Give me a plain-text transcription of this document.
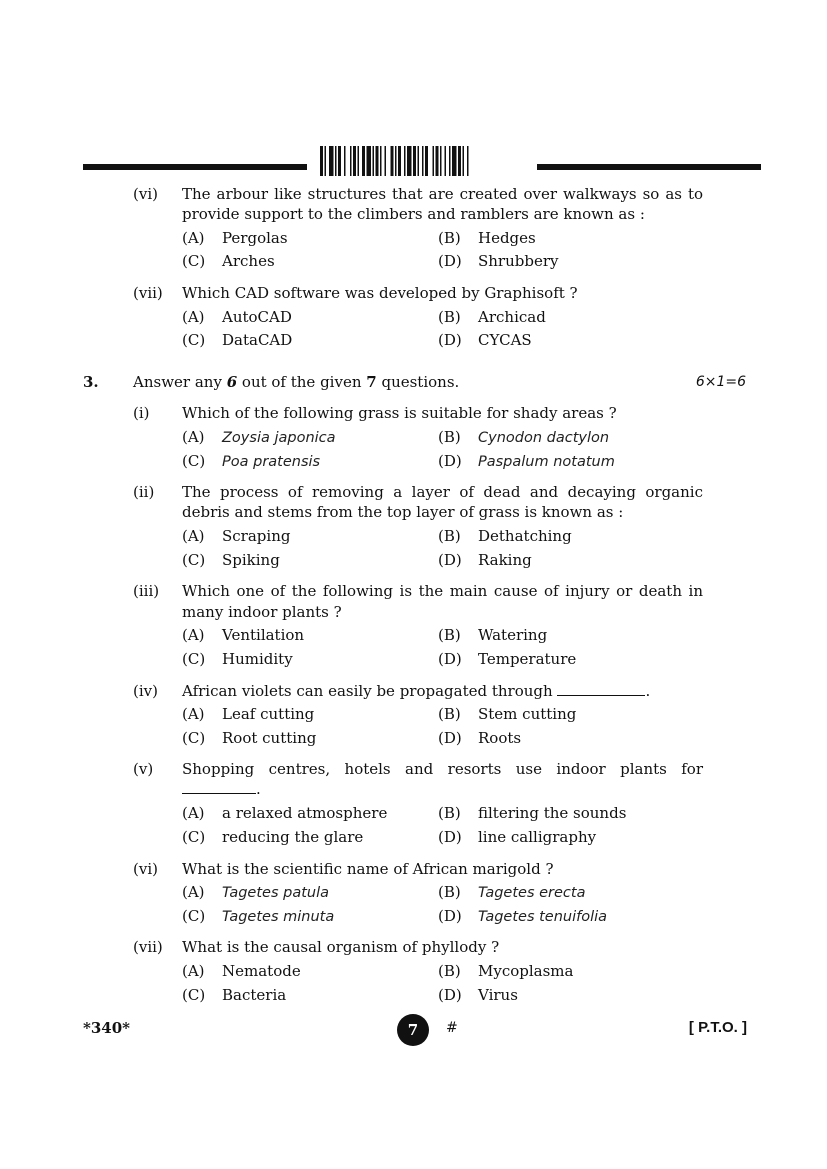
(vi) The arbour like structures that are created over walkways so as to
provide support to the climbers and ramblers are known as :
(A) Pergolas	(B) Hedges
(C) Arches	(D) Shrubbery
(vii) Which CAD software was developed by Graphisoft ?
(A) AutoCAD	(B) Archicad
(C) DataCAD	(D) CYCAS
3. Answer any 6 out of the given 7 questions.	6×1=6
(i) Which of the following grass is suitable for shady areas ?
(A) Zoysia japonica	(B) Cynodon dactylon
(C) Poa pratensis	(D) Paspalum notatum
(ii) The process of removing a layer of dead and decaying organic
debris and stems from the top layer of grass is known as :
(A) Scraping	(B) Dethatching
(C) Spiking	(D) Raking
(iii) Which one of the following is the main cause of injury or death in
many indoor plants ?
(A) Ventilation	(B) Watering
(C) Humidity	(D) Temperature
(iv) African violets can easily be propagated through	.
(A) Leaf cutting	(B) Stem cutting
(C) Root cutting	(D) Roots
(v) Shopping centres, hotels and resorts use indoor plants for
.
(A) a relaxed atmosphere	(B) filtering the sounds
(C) reducing the glare	(D) line calligraphy
(vi) What is the scientific name of African marigold ?
(A) Tagetes patula	(B) Tagetes erecta
(C) Tagetes minuta	(D) Tagetes tenuifolia
(vii) What is the causal organism of phyllody ?
(A) Nematode	(B) Mycoplasma
(C) Bacteria	(D) Virus
*340*	7	#	[ P.T.O. ]
